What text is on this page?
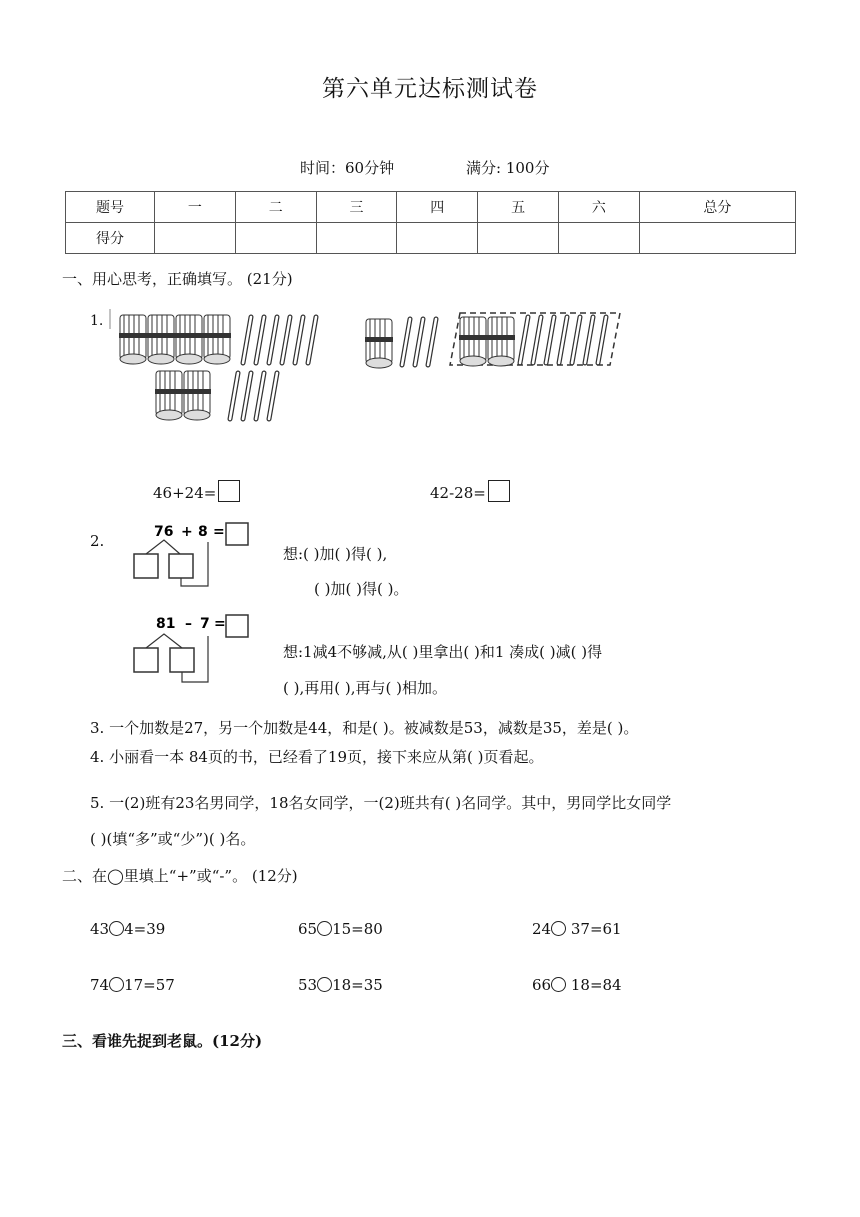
第六单元达标测试卷
时间：60分钟	满分: 100分
题号	一	二	三	四	五	六	总分
得分							
一、用心思考，正确填写。 (21分)
1.
46+24=	42-28=
2.	76 + 8 =
想:( )加( )得( ),
( )加( )得( )。
81 – 7 =
想:1减4不够减,从( )里拿出( )和1 凑成( )减( )得
( ),再用( ),再与( )相加。
3. 一个加数是27，另一个加数是44，和是( )。被减数是53，减数是35，差是( )。
4. 小丽看一本 84页的书，已经看了19页，接下来应从第( )页看起。
5. 一(2)班有23名男同学，18名女同学，一(2)班共有( )名同学。其中，男同学比女同学
( )(填“多”或“少”)( )名。
二、在◯里填上“+”或“-”。 (12分)
43 4=39	65 15=80	24 37=61
74 17=57	53 18=35	66 18=84
三、看谁先捉到老鼠。(12分)
